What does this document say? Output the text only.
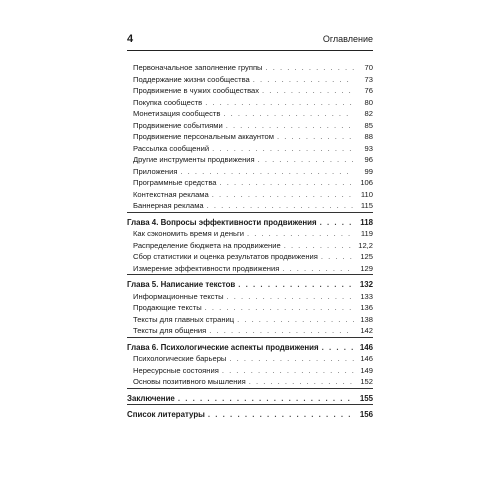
4	Оглавление
Первоначальное заполнение группы . . .	70
Поддержание жизни сообщества . . .	73
Продвижение в чужих сообществах . . .	76
Покупка сообществ . . .	80
Монетизация сообществ . . .	82
Продвижение событиями . . .	85
Продвижение персональным аккаунтом . . .	88
Рассылка сообщений . . .	93
Другие инструменты продвижения . . .	96
Приложения . . .	99
Программные средства . . .	106
Контекстная реклама . . .	110
Баннерная реклама . . .	115
Глава 4. Вопросы эффективности продвижения . . .	118
Как сэкономить время и деньги . . .	119
Распределение бюджета на продвижение . . .	12,2
Сбор статистики и оценка результатов продвижения . . .	125
Измерение эффективности продвижения . . .	129
Глава 5. Написание текстов . . .	132
Информационные тексты . . .	133
Продающие тексты . . .	136
Тексты для главных страниц . . .	138
Тексты для общения . . .	142
Глава 6. Психологические аспекты продвижения . . .	146
Психологические барьеры . . .	146
Нересурсные состояния . . .	149
Основы позитивного мышления . . .	152
Заключение . . .	155
Список литературы . . .	156
